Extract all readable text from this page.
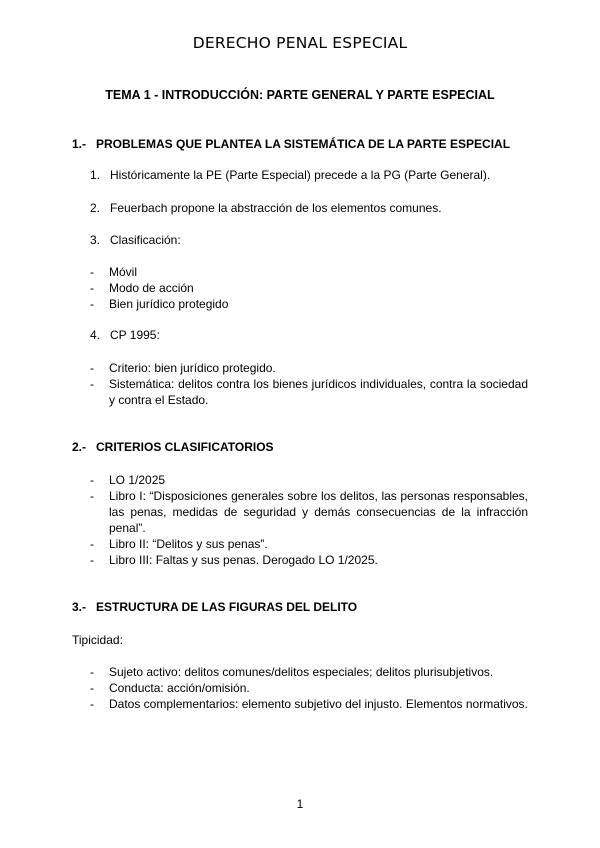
DERECHO PENAL ESPECIAL
TEMA 1 - INTRODUCCIÓN: PARTE GENERAL Y PARTE ESPECIAL
1.- PROBLEMAS QUE PLANTEA LA SISTEMÁTICA DE LA PARTE ESPECIAL
1. Históricamente la PE (Parte Especial) precede a la PG (Parte General).
2. Feuerbach propone la abstracción de los elementos comunes.
3. Clasificación:
- Móvil
- Modo de acción
- Bien jurídico protegido
4. CP 1995:
- Criterio: bien jurídico protegido.
- Sistemática: delitos contra los bienes jurídicos individuales, contra la sociedad y contra el Estado.
2.- CRITERIOS CLASIFICATORIOS
- LO 1/2025
- Libro I: “Disposiciones generales sobre los delitos, las personas responsables, las penas, medidas de seguridad y demás consecuencias de la infracción penal”.
- Libro II: “Delitos y sus penas”.
- Libro III: Faltas y sus penas. Derogado LO 1/2025.
3.- ESTRUCTURA DE LAS FIGURAS DEL DELITO
Tipicidad:
- Sujeto activo: delitos comunes/delitos especiales; delitos plurisubjetivos.
- Conducta: acción/omisión.
- Datos complementarios: elemento subjetivo del injusto. Elementos normativos.
1
